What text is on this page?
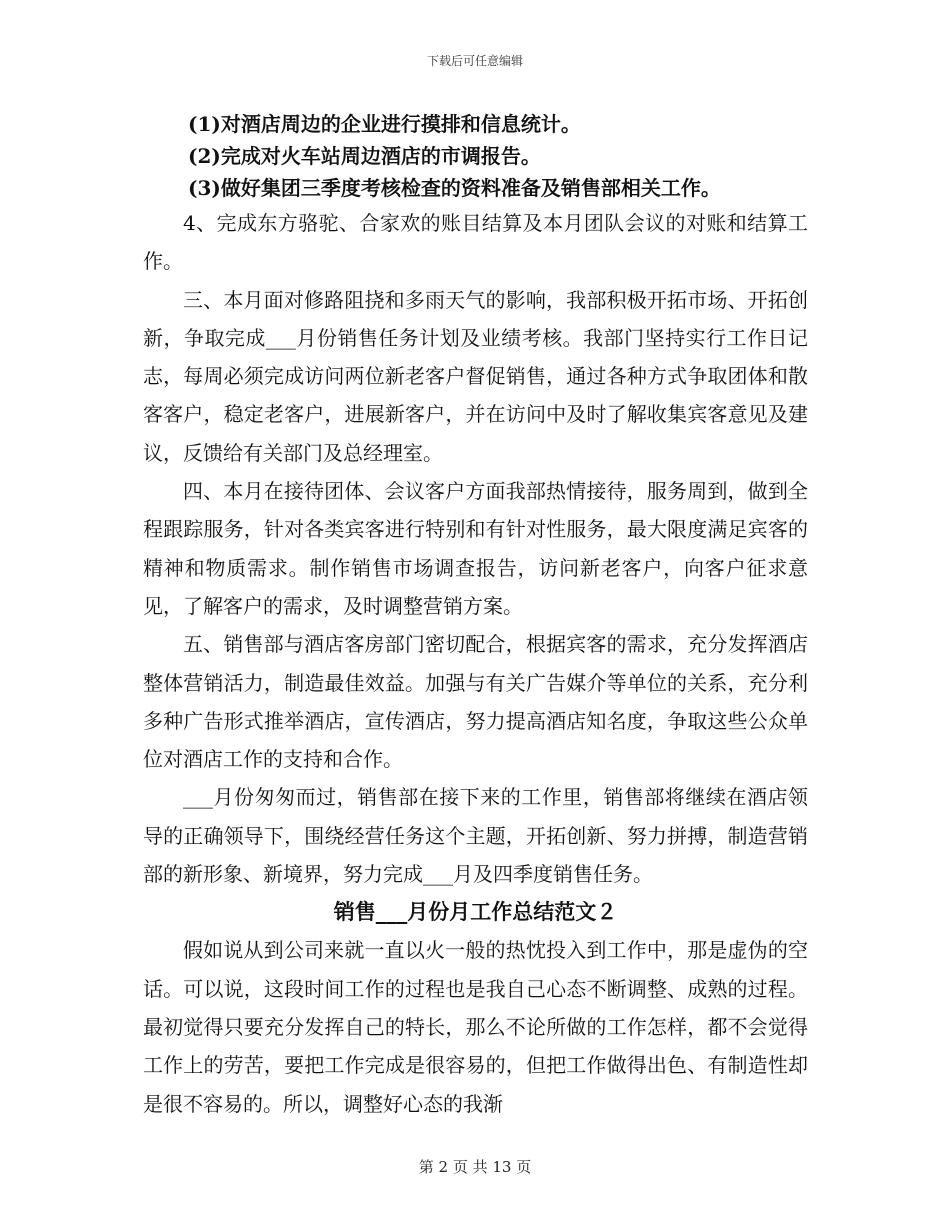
下载后可任意编辑
(1)对酒店周边的企业进行摸排和信息统计。
(2)完成对火车站周边酒店的市调报告。
(3)做好集团三季度考核检查的资料准备及销售部相关工作。

4、完成东方骆驼、合家欢的账目结算及本月团队会议的对账和结算工作。

三、本月面对修路阻挠和多雨天气的影响，我部积极开拓市场、开拓创新，争取完成___月份销售任务计划及业绩考核。我部门坚持实行工作日记志，每周必须完成访问两位新老客户督促销售，通过各种方式争取团体和散客客户，稳定老客户，进展新客户，并在访问中及时了解收集宾客意见及建议，反馈给有关部门及总经理室。

四、本月在接待团体、会议客户方面我部热情接待，服务周到，做到全程跟踪服务，针对各类宾客进行特别和有针对性服务，最大限度满足宾客的精神和物质需求。制作销售市场调查报告，访问新老客户，向客户征求意见，了解客户的需求，及时调整营销方案。

五、销售部与酒店客房部门密切配合，根据宾客的需求，充分发挥酒店整体营销活力，制造最佳效益。加强与有关广告媒介等单位的关系，充分利多种广告形式推举酒店，宣传酒店，努力提高酒店知名度，争取这些公众单位对酒店工作的支持和合作。

___月份匆匆而过，销售部在接下来的工作里，销售部将继续在酒店领导的正确领导下，围绕经营任务这个主题，开拓创新、努力拼搏，制造营销部的新形象、新境界，努力完成___月及四季度销售任务。

销售___月份月工作总结范文２

假如说从到公司来就一直以火一般的热忱投入到工作中，那是虚伪的空话。可以说，这段时间工作的过程也是我自己心态不断调整、成熟的过程。最初觉得只要充分发挥自己的特长，那么不论所做的工作怎样，都不会觉得工作上的劳苦，要把工作完成是很容易的，但把工作做得出色、有制造性却是很不容易的。所以，调整好心态的我渐

第 2 页 共 13 页
